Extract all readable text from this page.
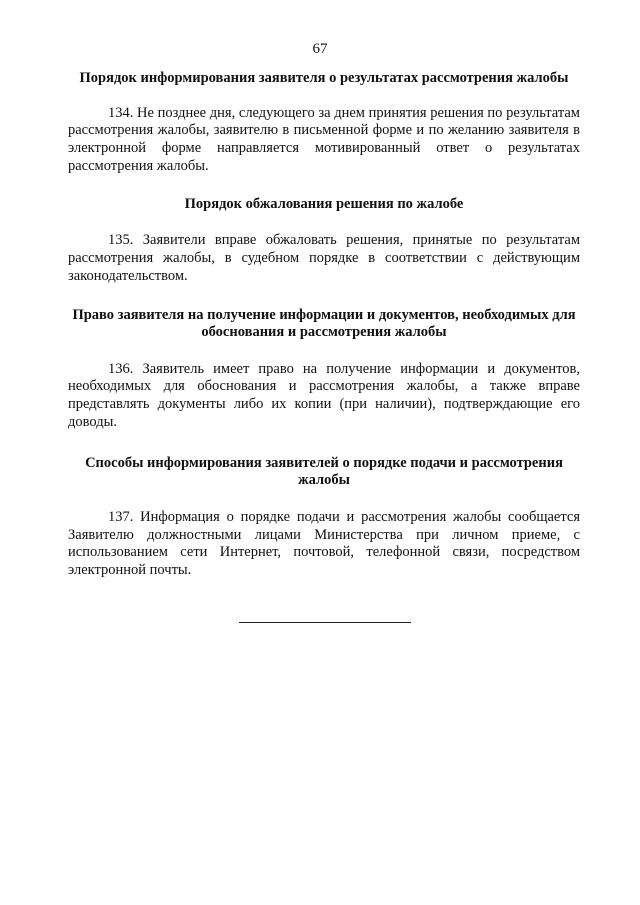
67

Порядок информирования заявителя о результатах рассмотрения жалобы

134. Не позднее дня, следующего за днем принятия решения по результатам рассмотрения жалобы, заявителю в письменной форме и по желанию заявителя в электронной форме направляется мотивированный ответ о результатах рассмотрения жалобы.

Порядок обжалования решения по жалобе

135. Заявители вправе обжаловать решения, принятые по результатам рассмотрения жалобы, в судебном порядке в соответствии с действующим законодательством.

Право заявителя на получение информации и документов, необходимых для обоснования и рассмотрения жалобы

136. Заявитель имеет право на получение информации и документов, необходимых для обоснования и рассмотрения жалобы, а также вправе представлять документы либо их копии (при наличии), подтверждающие его доводы.

Способы информирования заявителей о порядке подачи и рассмотрения жалобы

137. Информация о порядке подачи и рассмотрения жалобы сообщается Заявителю должностными лицами Министерства при личном приеме, с использованием сети Интернет, почтовой, телефонной связи, посредством электронной почты.
